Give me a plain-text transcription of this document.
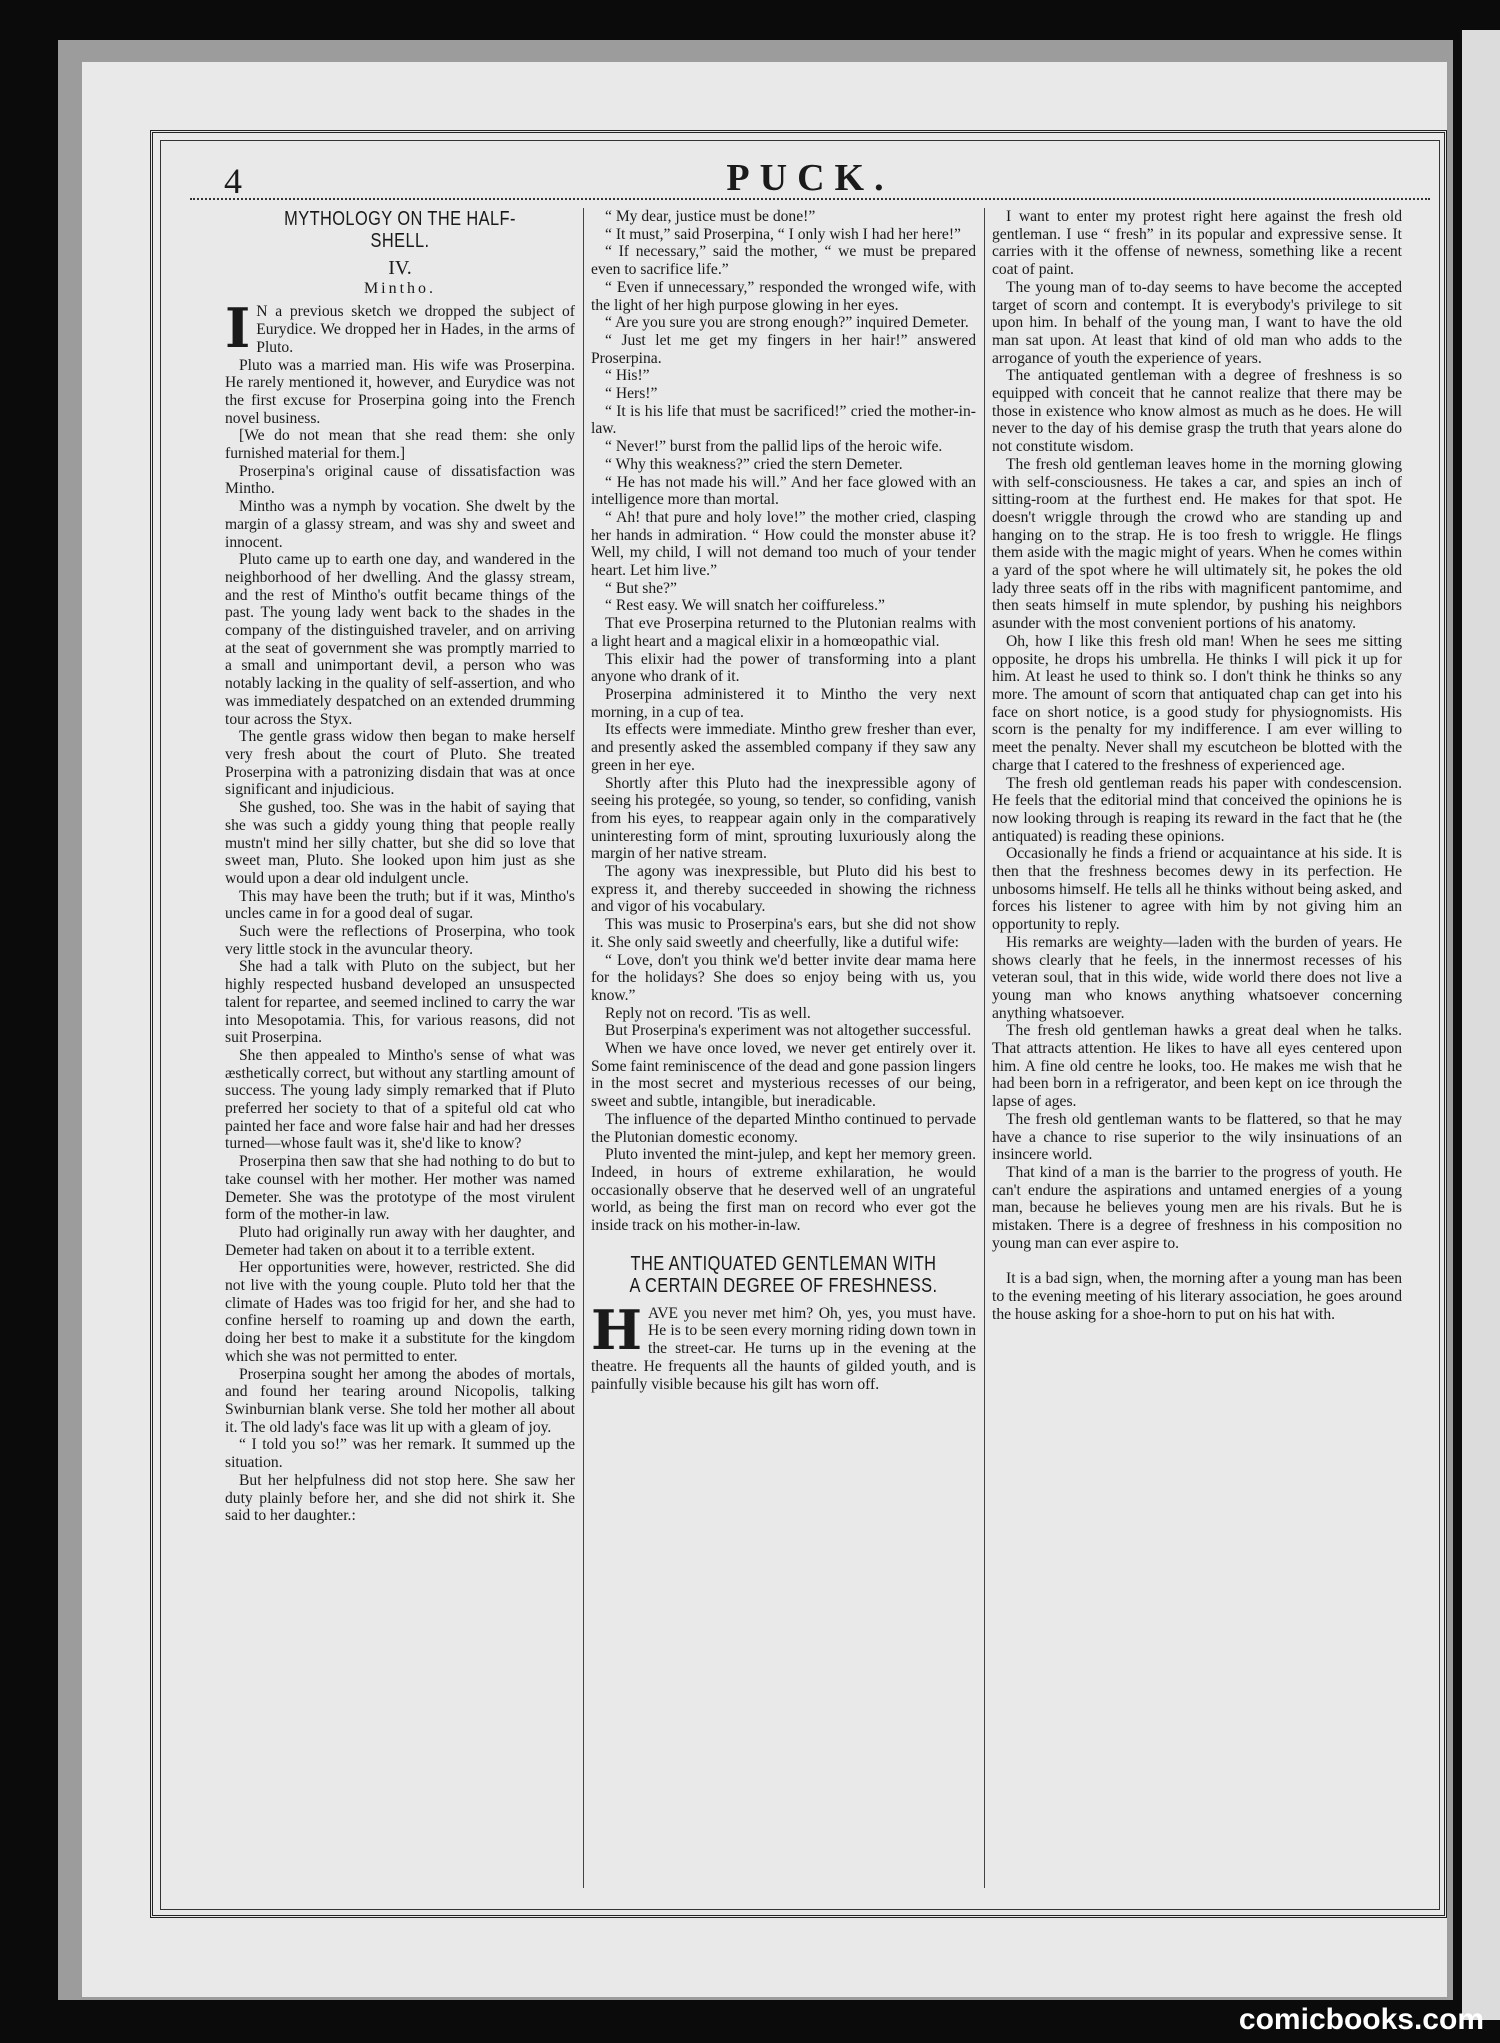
4	PUCK.
MYTHOLOGY ON THE HALF-SHELL.
IV.
Mintho.

I N a previous sketch we dropped the subject of Eurydice. We dropped her in Hades, in the arms of Pluto.

Pluto was a married man. His wife was Proserpina. He rarely mentioned it, however, and Eurydice was not the first excuse for Proserpina going into the French novel business.

[We do not mean that she read them: she only furnished material for them.]

Proserpina's original cause of dissatisfaction was Mintho.

Mintho was a nymph by vocation. She dwelt by the margin of a glassy stream, and was shy and sweet and innocent.

Pluto came up to earth one day, and wandered in the neighborhood of her dwelling. And the glassy stream, and the rest of Mintho's outfit became things of the past. The young lady went back to the shades in the company of the distinguished traveler, and on arriving at the seat of government she was promptly married to a small and unimportant devil, a person who was notably lacking in the quality of self-assertion, and who was immediately despatched on an extended drumming tour across the Styx.

The gentle grass widow then began to make herself very fresh about the court of Pluto. She treated Proserpina with a patronizing disdain that was at once significant and injudicious.

She gushed, too. She was in the habit of saying that she was such a giddy young thing that people really mustn't mind her silly chatter, but she did so love that sweet man, Pluto. She looked upon him just as she would upon a dear old indulgent uncle.

This may have been the truth; but if it was, Mintho's uncles came in for a good deal of sugar.

Such were the reflections of Proserpina, who took very little stock in the avuncular theory.

She had a talk with Pluto on the subject, but her highly respected husband developed an unsuspected talent for repartee, and seemed inclined to carry the war into Mesopotamia. This, for various reasons, did not suit Proserpina.

She then appealed to Mintho's sense of what was æsthetically correct, but without any startling amount of success. The young lady simply remarked that if Pluto preferred her society to that of a spiteful old cat who painted her face and wore false hair and had her dresses turned—whose fault was it, she'd like to know?

Proserpina then saw that she had nothing to do but to take counsel with her mother. Her mother was named Demeter. She was the prototype of the most virulent form of the mother-in law.

Pluto had originally run away with her daughter, and Demeter had taken on about it to a terrible extent.

Her opportunities were, however, restricted. She did not live with the young couple. Pluto told her that the climate of Hades was too frigid for her, and she had to confine herself to roaming up and down the earth, doing her best to make it a substitute for the kingdom which she was not permitted to enter.

Proserpina sought her among the abodes of mortals, and found her tearing around Nicopolis, talking Swinburnian blank verse. She told her mother all about it. The old lady's face was lit up with a gleam of joy.

“ I told you so!” was her remark. It summed up the situation.

But her helpfulness did not stop here. She saw her duty plainly before her, and she did not shirk it. She said to her daughter.:

“ My dear, justice must be done!”

“ It must,” said Proserpina, “ I only wish I had her here!”

“ If necessary,” said the mother, “ we must be prepared even to sacrifice life.”

“ Even if unnecessary,” responded the wronged wife, with the light of her high purpose glowing in her eyes.

“ Are you sure you are strong enough?” inquired Demeter.

“ Just let me get my fingers in her hair!” answered Proserpina.

“ His!”

“ Hers!”

“ It is his life that must be sacrificed!” cried the mother-in-law.

“ Never!” burst from the pallid lips of the heroic wife.

“ Why this weakness?” cried the stern Demeter.

“ He has not made his will.” And her face glowed with an intelligence more than mortal.

“ Ah! that pure and holy love!” the mother cried, clasping her hands in admiration. “ How could the monster abuse it? Well, my child, I will not demand too much of your tender heart. Let him live.”

“ But she?”

“ Rest easy. We will snatch her coiffureless.”

That eve Proserpina returned to the Plutonian realms with a light heart and a magical elixir in a homœopathic vial.

This elixir had the power of transforming into a plant anyone who drank of it.

Proserpina administered it to Mintho the very next morning, in a cup of tea.

Its effects were immediate. Mintho grew fresher than ever, and presently asked the assembled company if they saw any green in her eye.

Shortly after this Pluto had the inexpressible agony of seeing his protegée, so young, so tender, so confiding, vanish from his eyes, to reappear again only in the comparatively uninteresting form of mint, sprouting luxuriously along the margin of her native stream.

The agony was inexpressible, but Pluto did his best to express it, and thereby succeeded in showing the richness and vigor of his vocabulary.

This was music to Proserpina's ears, but she did not show it. She only said sweetly and cheerfully, like a dutiful wife:

“ Love, don't you think we'd better invite dear mama here for the holidays? She does so enjoy being with us, you know.”

Reply not on record. 'Tis as well.

But Proserpina's experiment was not altogether successful.

When we have once loved, we never get entirely over it. Some faint reminiscence of the dead and gone passion lingers in the most secret and mysterious recesses of our being, sweet and subtle, intangible, but ineradicable.

The influence of the departed Mintho continued to pervade the Plutonian domestic economy.

Pluto invented the mint-julep, and kept her memory green. Indeed, in hours of extreme exhilaration, he would occasionally observe that he deserved well of an ungrateful world, as being the first man on record who ever got the inside track on his mother-in-law.

THE ANTIQUATED GENTLEMAN WITH A CERTAIN DEGREE OF FRESHNESS.

HAVE you never met him? Oh, yes, you must have. He is to be seen every morning riding down town in the street-car. He turns up in the evening at the theatre. He frequents all the haunts of gilded youth, and is painfully visible because his gilt has worn off.

I want to enter my protest right here against the fresh old gentleman. I use “ fresh” in its popular and expressive sense. It carries with it the offense of newness, something like a recent coat of paint.

The young man of to-day seems to have become the accepted target of scorn and contempt. It is everybody's privilege to sit upon him. In behalf of the young man, I want to have the old man sat upon. At least that kind of old man who adds to the arrogance of youth the experience of years.

The antiquated gentleman with a degree of freshness is so equipped with conceit that he cannot realize that there may be those in existence who know almost as much as he does. He will never to the day of his demise grasp the truth that years alone do not constitute wisdom.

The fresh old gentleman leaves home in the morning glowing with self-consciousness. He takes a car, and spies an inch of sitting-room at the furthest end. He makes for that spot. He doesn't wriggle through the crowd who are standing up and hanging on to the strap. He is too fresh to wriggle. He flings them aside with the magic might of years. When he comes within a yard of the spot where he will ultimately sit, he pokes the old lady three seats off in the ribs with magnificent pantomime, and then seats himself in mute splendor, by pushing his neighbors asunder with the most convenient portions of his anatomy.

Oh, how I like this fresh old man! When he sees me sitting opposite, he drops his umbrella. He thinks I will pick it up for him. At least he used to think so. I don't think he thinks so any more. The amount of scorn that antiquated chap can get into his face on short notice, is a good study for physiognomists. His scorn is the penalty for my indifference. I am ever willing to meet the penalty. Never shall my escutcheon be blotted with the charge that I catered to the freshness of experienced age.

The fresh old gentleman reads his paper with condescension. He feels that the editorial mind that conceived the opinions he is now looking through is reaping its reward in the fact that he (the antiquated) is reading these opinions.

Occasionally he finds a friend or acquaintance at his side. It is then that the freshness becomes dewy in its perfection. He unbosoms himself. He tells all he thinks without being asked, and forces his listener to agree with him by not giving him an opportunity to reply.

His remarks are weighty—laden with the burden of years. He shows clearly that he feels, in the innermost recesses of his veteran soul, that in this wide, wide world there does not live a young man who knows anything whatsoever concerning anything whatsoever.

The fresh old gentleman hawks a great deal when he talks. That attracts attention. He likes to have all eyes centered upon him. A fine old centre he looks, too. He makes me wish that he had been born in a refrigerator, and been kept on ice through the lapse of ages.

The fresh old gentleman wants to be flattered, so that he may have a chance to rise superior to the wily insinuations of an insincere world.

That kind of a man is the barrier to the progress of youth. He can't endure the aspirations and untamed energies of a young man, because he believes young men are his rivals. But he is mistaken. There is a degree of freshness in his composition no young man can ever aspire to.

It is a bad sign, when, the morning after a young man has been to the evening meeting of his literary association, he goes around the house asking for a shoe-horn to put on his hat with.

comicbooks.com
